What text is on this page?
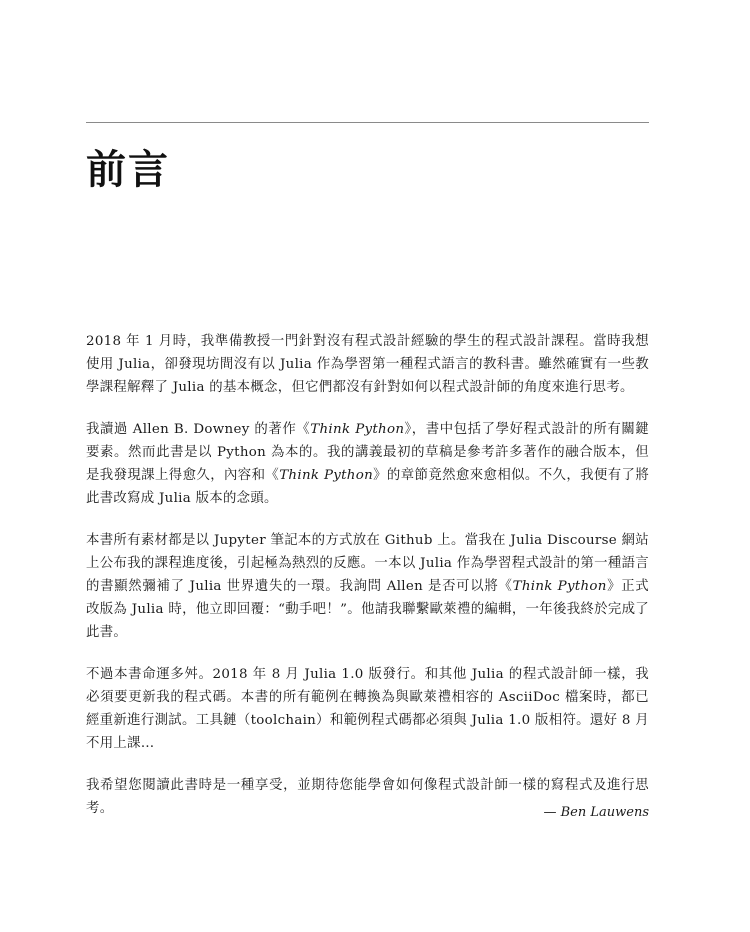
前言

2018 年 1 月時，我準備教授一門針對沒有程式設計經驗的學生的程式設計課程。當時我想使用 Julia，卻發現坊間沒有以 Julia 作為學習第一種程式語言的教科書。雖然確實有一些教學課程解釋了 Julia 的基本概念，但它們都沒有針對如何以程式設計師的角度來進行思考。

我讀過 Allen B. Downey 的著作《Think Python》，書中包括了學好程式設計的所有關鍵要素。然而此書是以 Python 為本的。我的講義最初的草稿是參考許多著作的融合版本，但是我發現課上得愈久，內容和《Think Python》的章節竟然愈來愈相似。不久，我便有了將此書改寫成 Julia 版本的念頭。

本書所有素材都是以 Jupyter 筆記本的方式放在 Github 上。當我在 Julia Discourse 網站上公布我的課程進度後，引起極為熱烈的反應。一本以 Julia 作為學習程式設計的第一種語言的書顯然彌補了 Julia 世界遺失的一環。我詢問 Allen 是否可以將《Think Python》正式改版為 Julia 時，他立即回覆：“動手吧！”。他請我聯繫歐萊禮的編輯，一年後我終於完成了此書。

不過本書命運多舛。2018 年 8 月 Julia 1.0 版發行。和其他 Julia 的程式設計師一樣，我必須要更新我的程式碼。本書的所有範例在轉換為與歐萊禮相容的 AsciiDoc 檔案時，都已經重新進行測試。工具鏈（toolchain）和範例程式碼都必須與 Julia 1.0 版相符。還好 8 月不用上課…

我希望您閱讀此書時是一種享受，並期待您能學會如何像程式設計師一樣的寫程式及進行思考。	— Ben Lauwens
